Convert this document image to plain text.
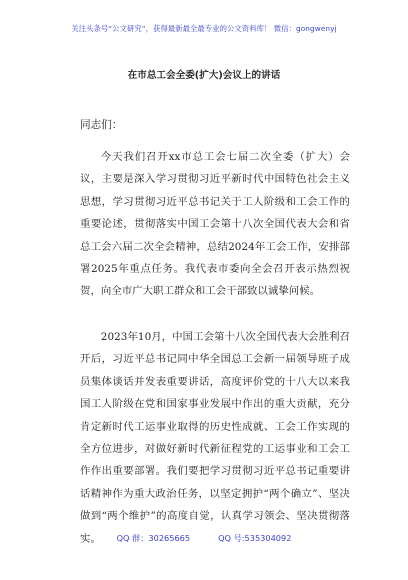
关注头条号“公文研究”，获得最新最全最专业的公文资料库！ 微信：gongwenyj
在市总工会全委(扩大)会议上的讲话
同志们：

今天我们召开xx市总工会七届二次全委（扩大）会议，主要是深入学习贯彻习近平新时代中国特色社会主义思想，学习贯彻习近平总书记关于工人阶级和工会工作的重要论述，贯彻落实中国工会第十八次全国代表大会和省总工会六届二次全会精神，总结2024年工会工作，安排部署2025年重点任务。我代表市委向全会召开表示热烈祝贺，向全市广大职工群众和工会干部致以诚挚问候。

2023年10月，中国工会第十八次全国代表大会胜利召开后，习近平总书记同中华全国总工会新一届领导班子成员集体谈话并发表重要讲话，高度评价党的十八大以来我国工人阶级在党和国家事业发展中作出的重大贡献，充分肯定新时代工运事业取得的历史性成就、工会工作实现的全方位进步，对做好新时代新征程党的工运事业和工会工作作出重要部署。我们要把学习贯彻习近平总书记重要讲话精神作为重大政治任务，以坚定拥护“两个确立”、坚决做到“两个维护”的高度自觉，认真学习领会、坚决贯彻落实。	QQ 群：30265665	QQ 号:535304092
